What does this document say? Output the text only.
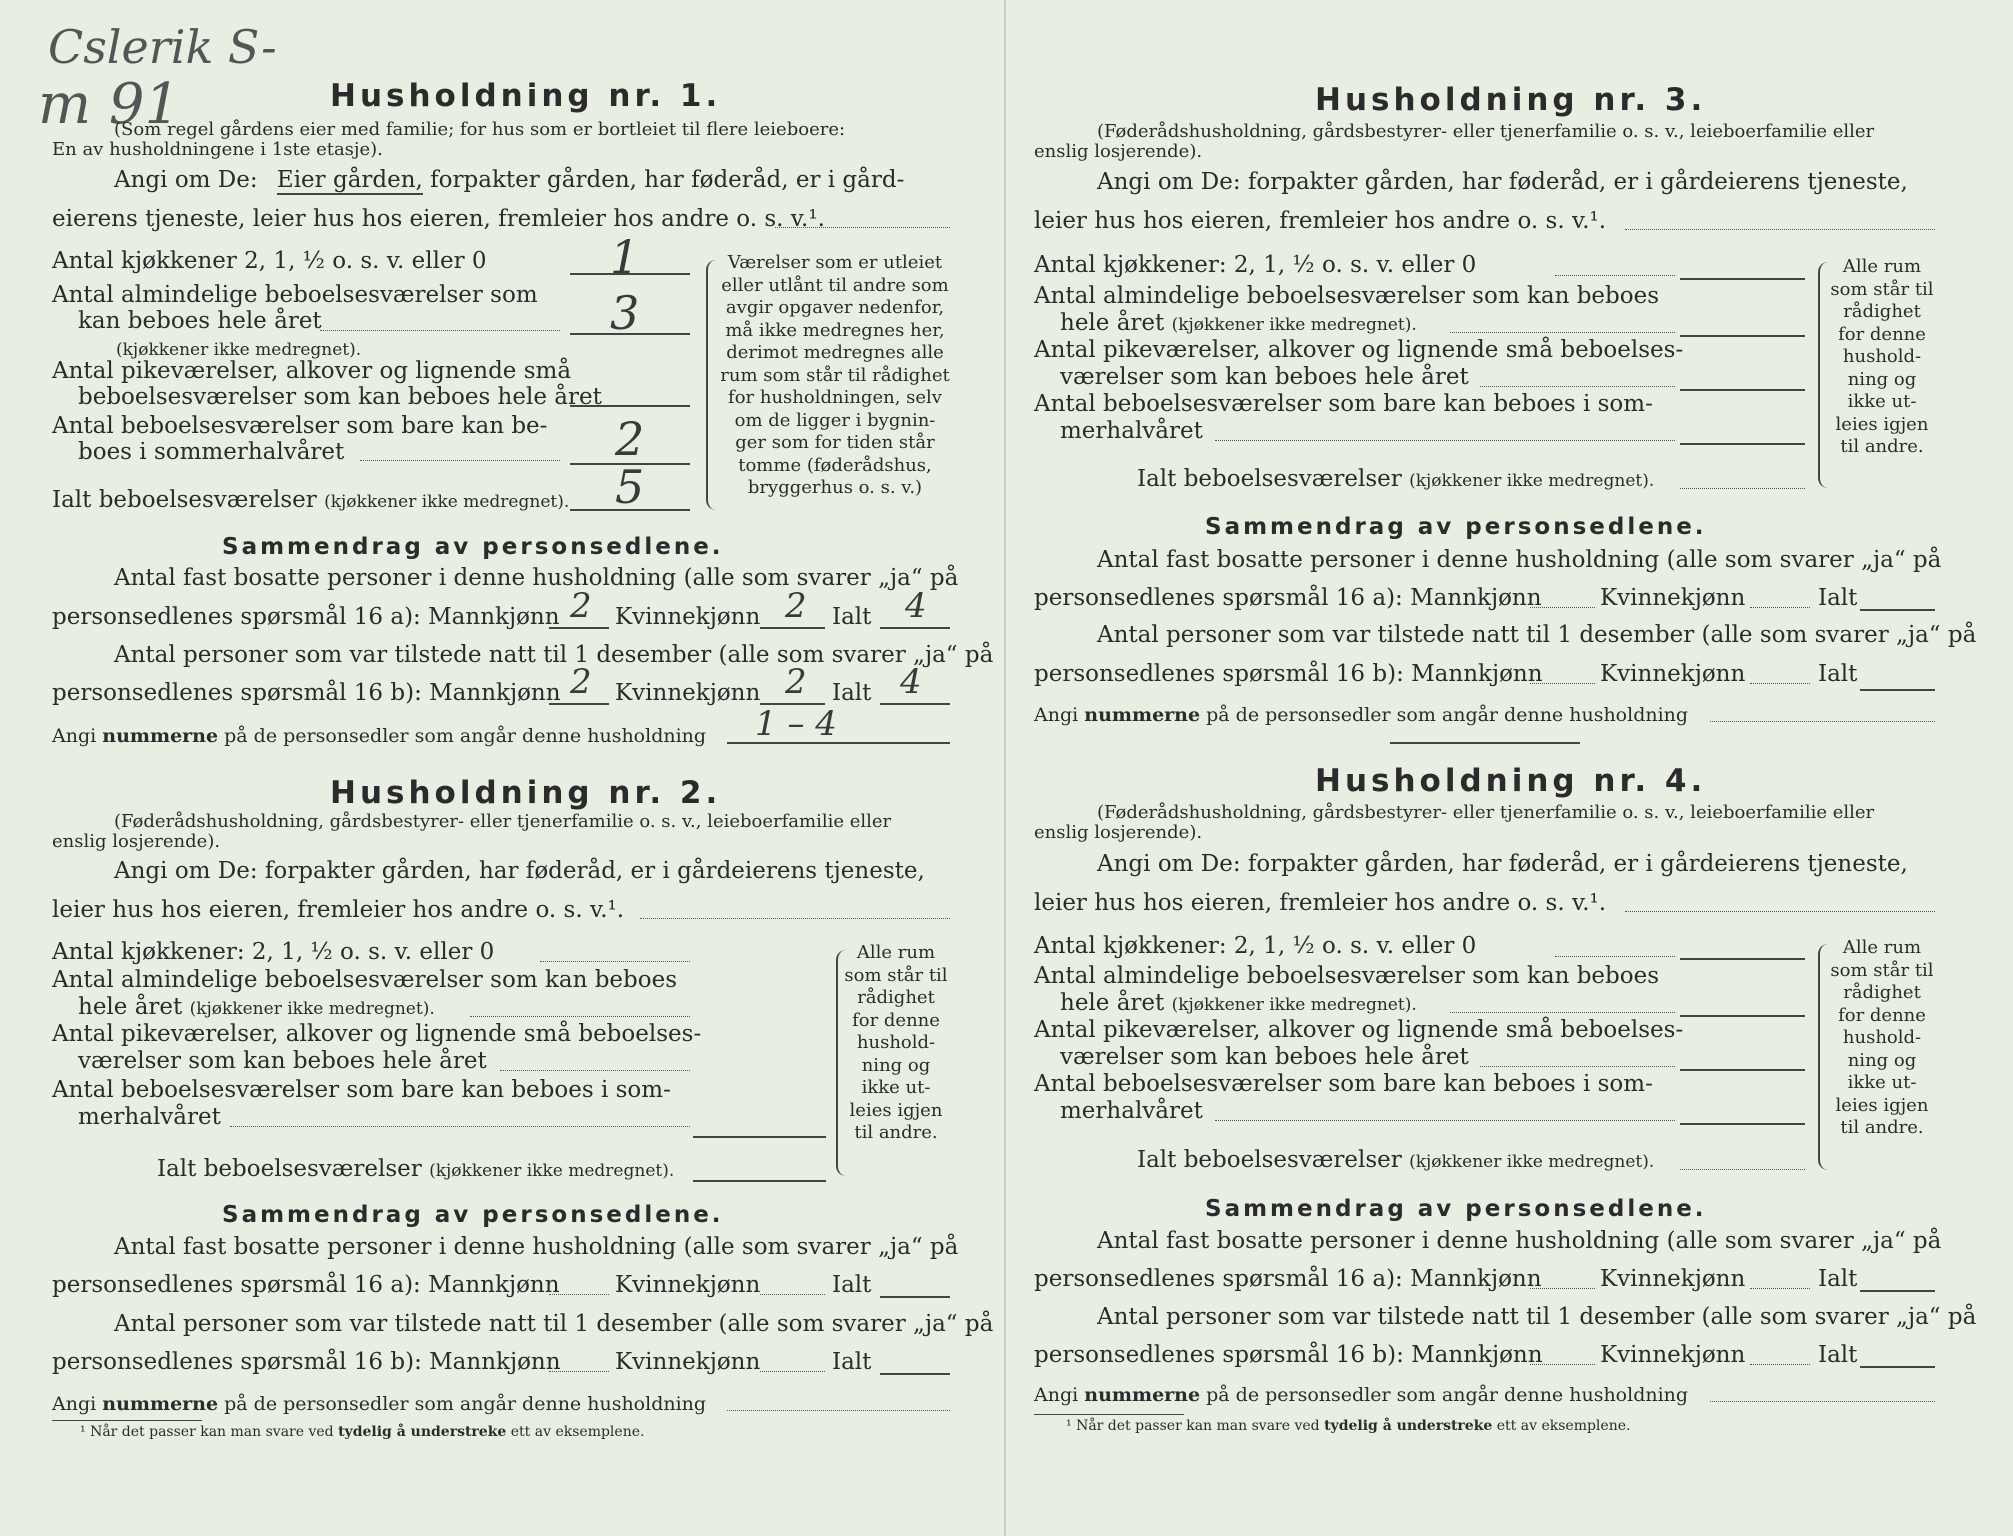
Cslerik S-
m 91	Husholdning nr. 1.
(Som regel gårdens eier med familie; for hus som er bortleiet til flere leieboere:
En av husholdningene i 1ste etasje).
Angi om De: Eier gården, forpakter gården, har føderåd, er i gård-
eierens tjeneste, leier hus hos eieren, fremleier hos andre o. s. v.¹.
Antal kjøkkener 2, 1, ½ o. s. v. eller 0	1
Antal almindelige beboelsesværelser som
kan beboes hele året	3
(kjøkkener ikke medregnet).
Antal pikeværelser, alkover og lignende små
beboelsesværelser som kan beboes hele året
Antal beboelsesværelser som bare kan be-
boes i sommerhalvåret	2
Ialt beboelsesværelser (kjøkkener ikke medregnet). 5
Værelser som er utleiet
eller utlånt til andre som
avgir opgaver nedenfor,
må ikke medregnes her,
derimot medregnes alle
rum som står til rådighet
for husholdningen, selv
om de ligger i bygnin-
ger som for tiden står
tomme (føderådshus,
bryggerhus o. s. v.)
Sammendrag av personsedlene.
Antal fast bosatte personer i denne husholdning (alle som svarer „ja“ på
personsedlenes spørsmål 16 a): Mannkjønn 2 Kvinnekjønn 2 Ialt 4
Antal personer som var tilstede natt til 1 desember (alle som svarer „ja“ på
personsedlenes spørsmål 16 b): Mannkjønn 2 Kvinnekjønn 2 Ialt 4
Angi nummerne på de personsedler som angår denne husholdning 1 – 4
Husholdning nr. 2.
(Føderådshusholdning, gårdsbestyrer- eller tjenerfamilie o. s. v., leieboerfamilie eller
enslig losjerende).
Angi om De: forpakter gården, har føderåd, er i gårdeierens tjeneste,
leier hus hos eieren, fremleier hos andre o. s. v.¹.
Antal kjøkkener: 2, 1, ½ o. s. v. eller 0
Antal almindelige beboelsesværelser som kan beboes
hele året (kjøkkener ikke medregnet).
Antal pikeværelser, alkover og lignende små beboelses-
værelser som kan beboes hele året
Antal beboelsesværelser som bare kan beboes i som-
merhalvåret
Ialt beboelsesværelser (kjøkkener ikke medregnet).
Alle rum
som står til
rådighet
for denne
hushold-
ning og
ikke ut-
leies igjen
til andre.
Sammendrag av personsedlene.
Antal fast bosatte personer i denne husholdning (alle som svarer „ja“ på
personsedlenes spørsmål 16 a): Mannkjønn Kvinnekjønn	Ialt
Antal personer som var tilstede natt til 1 desember (alle som svarer „ja“ på
personsedlenes spørsmål 16 b): Mannkjønn Kvinnekjønn	Ialt
Angi nummerne på de personsedler som angår denne husholdning
¹ Når det passer kan man svare ved tydelig å understreke ett av eksemplene.
Husholdning nr. 3.
(Føderådshusholdning, gårdsbestyrer- eller tjenerfamilie o. s. v., leieboerfamilie eller
enslig losjerende).
Angi om De: forpakter gården, har føderåd, er i gårdeierens tjeneste,
leier hus hos eieren, fremleier hos andre o. s. v.¹.
Antal kjøkkener: 2, 1, ½ o. s. v. eller 0
Antal almindelige beboelsesværelser som kan beboes
hele året (kjøkkener ikke medregnet).
Antal pikeværelser, alkover og lignende små beboelses-
værelser som kan beboes hele året
Antal beboelsesværelser som bare kan beboes i som-
merhalvåret
Ialt beboelsesværelser (kjøkkener ikke medregnet).
Alle rum
som står til
rådighet
for denne
hushold-
ning og
ikke ut-
leies igjen
til andre.
Sammendrag av personsedlene.
Antal fast bosatte personer i denne husholdning (alle som svarer „ja“ på
personsedlenes spørsmål 16 a): Mannkjønn	Kvinnekjønn	Ialt
Antal personer som var tilstede natt til 1 desember (alle som svarer „ja“ på
personsedlenes spørsmål 16 b): Mannkjønn Kvinnekjønn	Ialt
Angi nummerne på de personsedler som angår denne husholdning
Husholdning nr. 4.
(Føderådshusholdning, gårdsbestyrer- eller tjenerfamilie o. s. v., leieboerfamilie eller
enslig losjerende).
Angi om De: forpakter gården, har føderåd, er i gårdeierens tjeneste,
leier hus hos eieren, fremleier hos andre o. s. v.¹.
Antal kjøkkener: 2, 1, ½ o. s. v. eller 0
Antal almindelige beboelsesværelser som kan beboes
hele året (kjøkkener ikke medregnet).
Antal pikeværelser, alkover og lignende små beboelses-
værelser som kan beboes hele året
Antal beboelsesværelser som bare kan beboes i som-
merhalvåret
Ialt beboelsesværelser (kjøkkener ikke medregnet).
Alle rum
som står til
rådighet
for denne
hushold-
ning og
ikke ut-
leies igjen
til andre.
Sammendrag av personsedlene.
Antal fast bosatte personer i denne husholdning (alle som svarer „ja“ på
personsedlenes spørsmål 16 a): Mannkjønn	Kvinnekjønn	Ialt
Antal personer som var tilstede natt til 1 desember (alle som svarer „ja“ på
personsedlenes spørsmål 16 b): Mannkjønn Kvinnekjønn	Ialt
Angi nummerne på de personsedler som angår denne husholdning
¹ Når det passer kan man svare ved tydelig å understreke ett av eksemplene.
